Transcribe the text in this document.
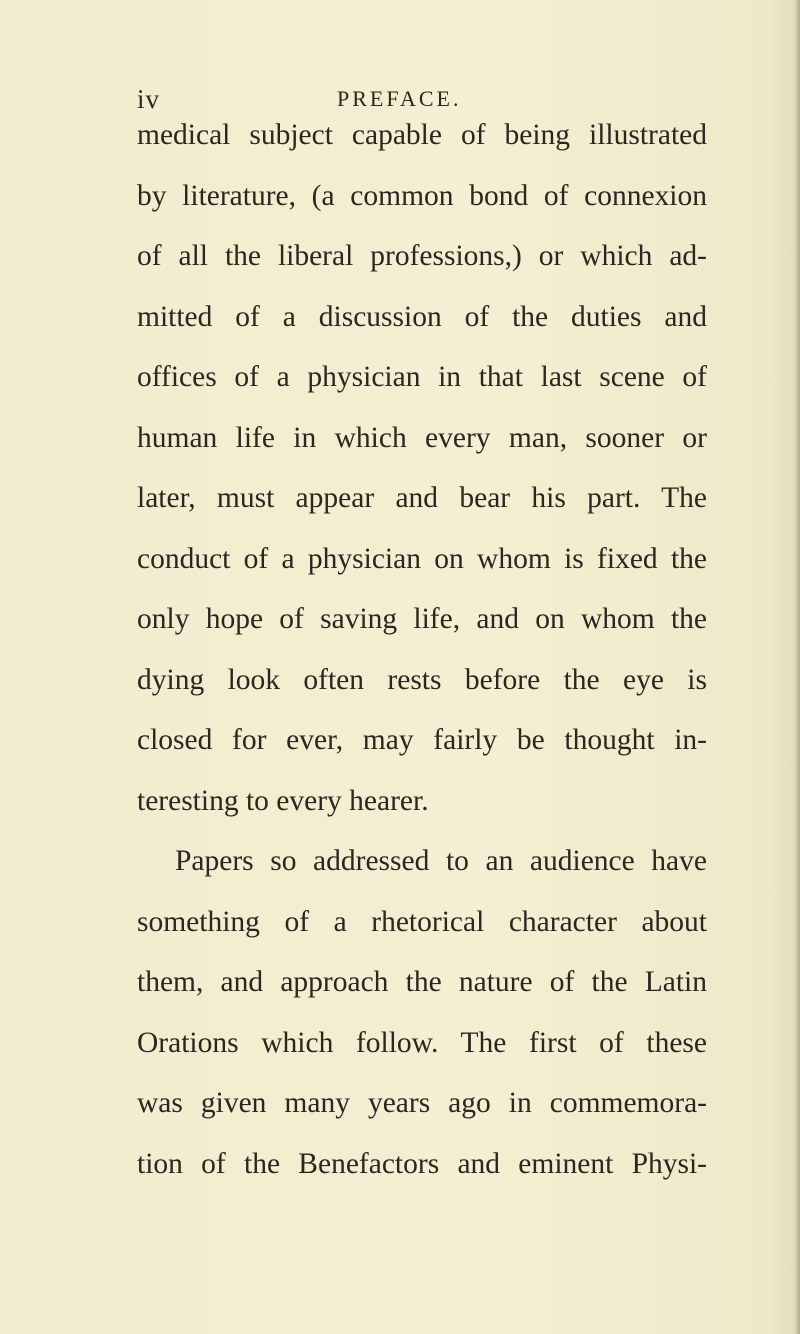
iv	PREFACE.
medical subject capable of being illustrated
by literature, (a common bond of connexion
of all the liberal professions,) or which ad-
mitted of a discussion of the duties and
offices of a physician in that last scene of
human life in which every man, sooner or
later, must appear and bear his part. The
conduct of a physician on whom is fixed the
only hope of saving life, and on whom the
dying look often rests before the eye is
closed for ever, may fairly be thought in-
teresting to every hearer.
Papers so addressed to an audience have
something of a rhetorical character about
them, and approach the nature of the Latin
Orations which follow. The first of these
was given many years ago in commemora-
tion of the Benefactors and eminent Physi-
